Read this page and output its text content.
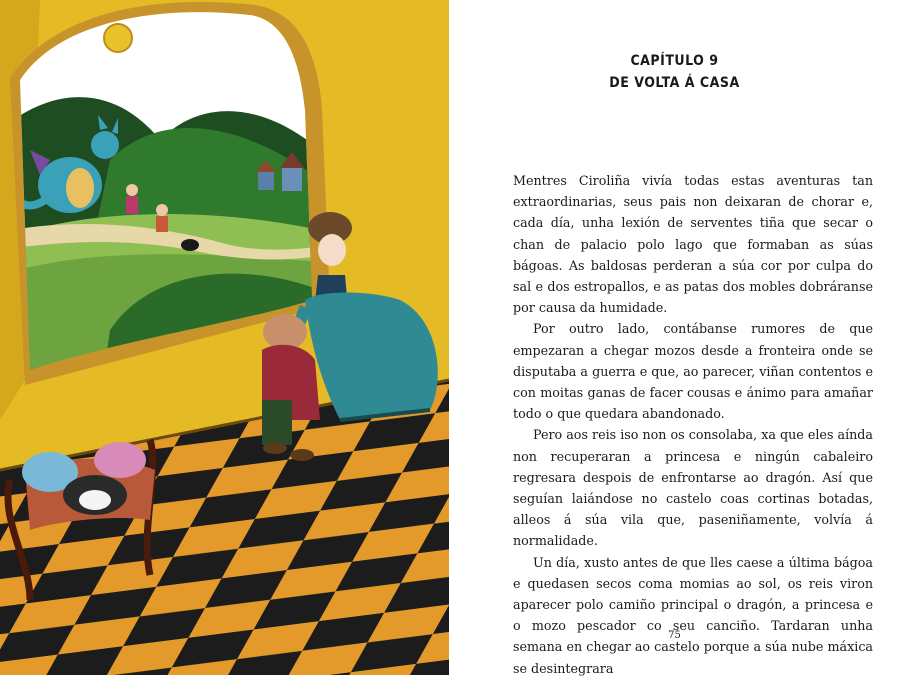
CAPÍTULO 9
DE VOLTA Á CASA

Mentres Ciroliña vivía todas estas aventuras tan extraordinarias, seus pais non deixaran de chorar e, cada día, unha lexión de serventes tiña que secar o chan de palacio polo lago que formaban as súas bágoas. As baldosas perderan a súa cor por culpa do sal e dos estropallos, e as patas dos mobles dobráranse por causa da humidade.

Por outro lado, contábanse rumores de que empezaran a chegar mozos desde a fronteira onde se disputaba a guerra e que, ao parecer, viñan contentos e con moitas ganas de facer cousas e ánimo para amañar todo o que quedara abandonado.

Pero aos reis iso non os consolaba, xa que eles aínda non recuperaran a princesa e ningún cabaleiro regresara despois de enfrontarse ao dragón. Así que seguían laiándose no castelo coas cortinas botadas, alleos á súa vila que, paseniñamente, volvía á normalidade.

Un día, xusto antes de que lles caese a última bágoa e quedasen secos coma momias ao sol, os reis viron aparecer polo camiño principal o dragón, a princesa e o mozo pescador co seu canciño. Tardaran unha semana en chegar ao castelo porque a súa nube máxica se desintegrara

75
